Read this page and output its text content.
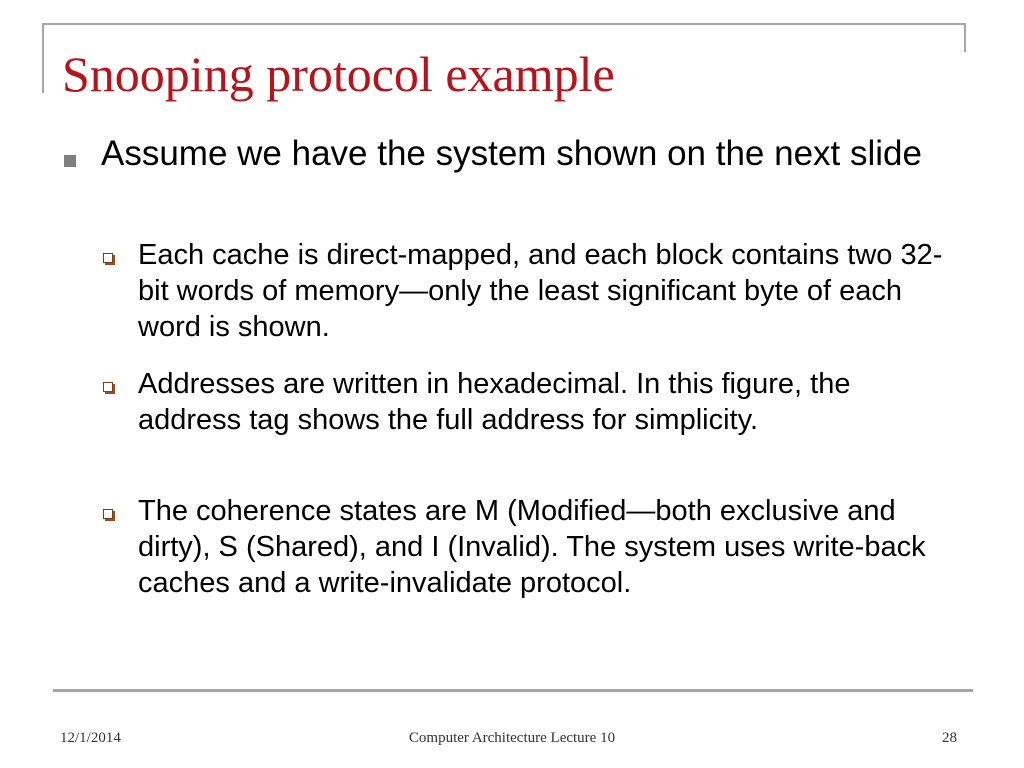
Snooping protocol example
Assume we have the system shown on the next slide
Each cache is direct-mapped, and each block contains two 32-bit words of memory—only the least significant byte of each word is shown.
Addresses are written in hexadecimal. In this figure, the address tag shows the full address for simplicity.
The coherence states are M (Modified—both exclusive and dirty), S (Shared), and I (Invalid). The system uses write-back caches and a write-invalidate protocol.
12/1/2014	Computer Architecture Lecture 10	28
